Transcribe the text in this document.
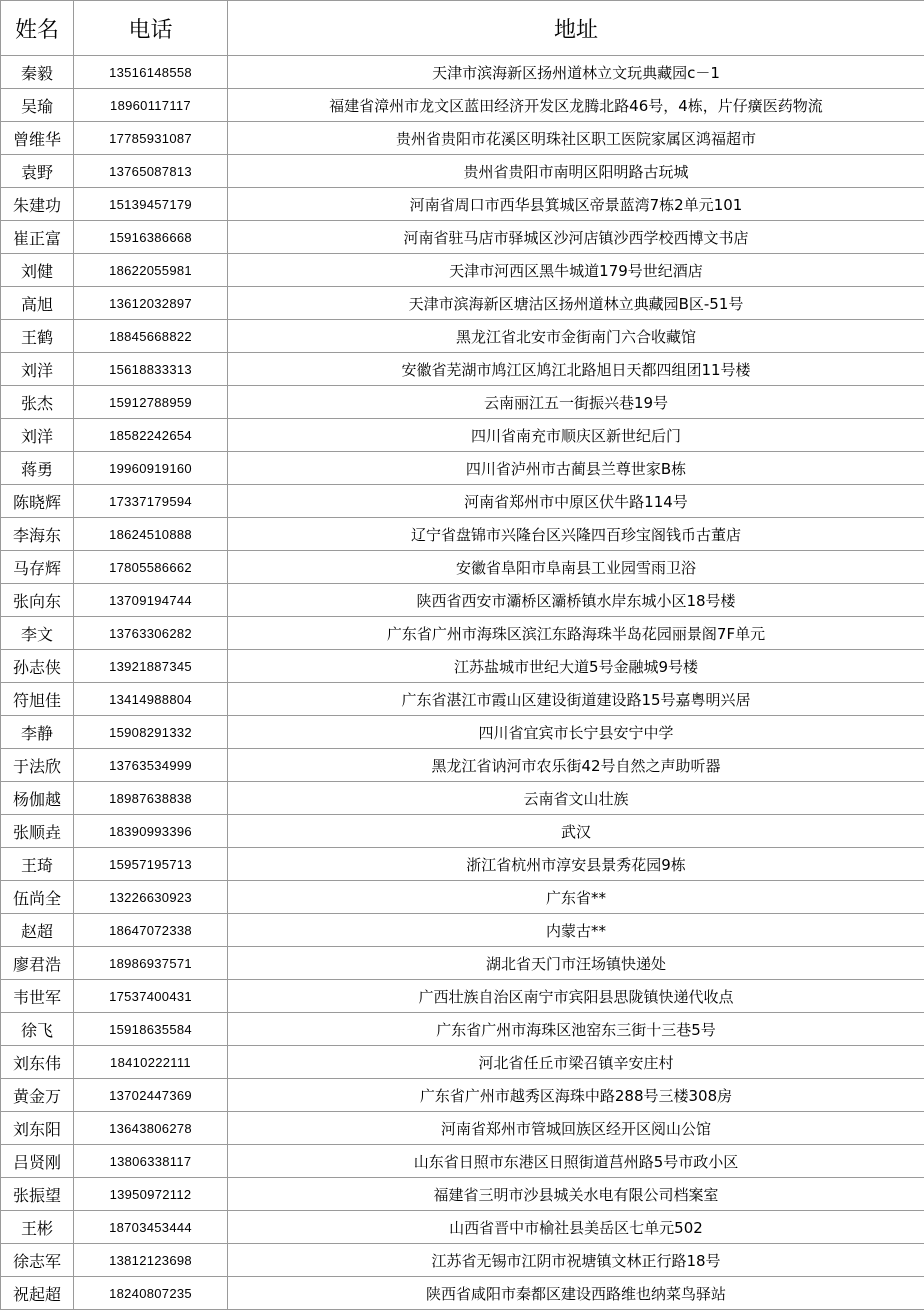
姓名	电话	地址
秦毅	13516148558	天津市滨海新区扬州道林立文玩典藏园c－1
吴瑜	18960117117	福建省漳州市龙文区蓝田经济开发区龙腾北路46号，4栋，片仔癀医药物流
曾维华	17785931087	贵州省贵阳市花溪区明珠社区职工医院家属区鸿福超市
袁野	13765087813	贵州省贵阳市南明区阳明路古玩城
朱建功	15139457179	河南省周口市西华县箕城区帝景蓝湾7栋2单元101
崔正富	15916386668	河南省驻马店市驿城区沙河店镇沙西学校西博文书店
刘健	18622055981	天津市河西区黑牛城道179号世纪酒店
高旭	13612032897	天津市滨海新区塘沽区扬州道林立典藏园B区-51号
王鹤	18845668822	黑龙江省北安市金街南门六合收藏馆
刘洋	15618833313	安徽省芜湖市鸠江区鸠江北路旭日天都四组团11号楼
张杰	15912788959	云南丽江五一街振兴巷19号
刘洋	18582242654	四川省南充市顺庆区新世纪后门
蒋勇	19960919160	四川省泸州市古蔺县兰尊世家B栋
陈晓辉	17337179594	河南省郑州市中原区伏牛路114号
李海东	18624510888	辽宁省盘锦市兴隆台区兴隆四百珍宝阁钱币古董店
马存辉	17805586662	安徽省阜阳市阜南县工业园雪雨卫浴
张向东	13709194744	陕西省西安市灞桥区灞桥镇水岸东城小区18号楼
李文	13763306282	广东省广州市海珠区滨江东路海珠半岛花园丽景阁7F单元
孙志侠	13921887345	江苏盐城市世纪大道5号金融城9号楼
符旭佳	13414988804	广东省湛江市霞山区建设街道建设路15号嘉粤明兴居
李静	15908291332	四川省宜宾市长宁县安宁中学
于法欣	13763534999	黑龙江省讷河市农乐街42号自然之声助听器
杨伽越	18987638838	云南省文山壮族
张顺垚	18390993396	武汉
王琦	15957195713	浙江省杭州市淳安县景秀花园9栋
伍尚全	13226630923	广东省**
赵超	18647072338	内蒙古**
廖君浩	18986937571	湖北省天门市汪场镇快递处
韦世军	17537400431	广西壮族自治区南宁市宾阳县思陇镇快递代收点
徐飞	15918635584	广东省广州市海珠区池窑东三街十三巷5号
刘东伟	18410222111	河北省任丘市梁召镇辛安庄村
黄金万	13702447369	广东省广州市越秀区海珠中路288号三楼308房
刘东阳	13643806278	河南省郑州市管城回族区经开区阅山公馆
吕贤刚	13806338117	山东省日照市东港区日照街道莒州路5号市政小区
张振望	13950972112	福建省三明市沙县城关水电有限公司档案室
王彬	18703453444	山西省晋中市榆社县美岳区七单元502
徐志军	13812123698	江苏省无锡市江阴市祝塘镇文林正行路18号
祝起超	18240807235	陕西省咸阳市秦都区建设西路维也纳菜鸟驿站
